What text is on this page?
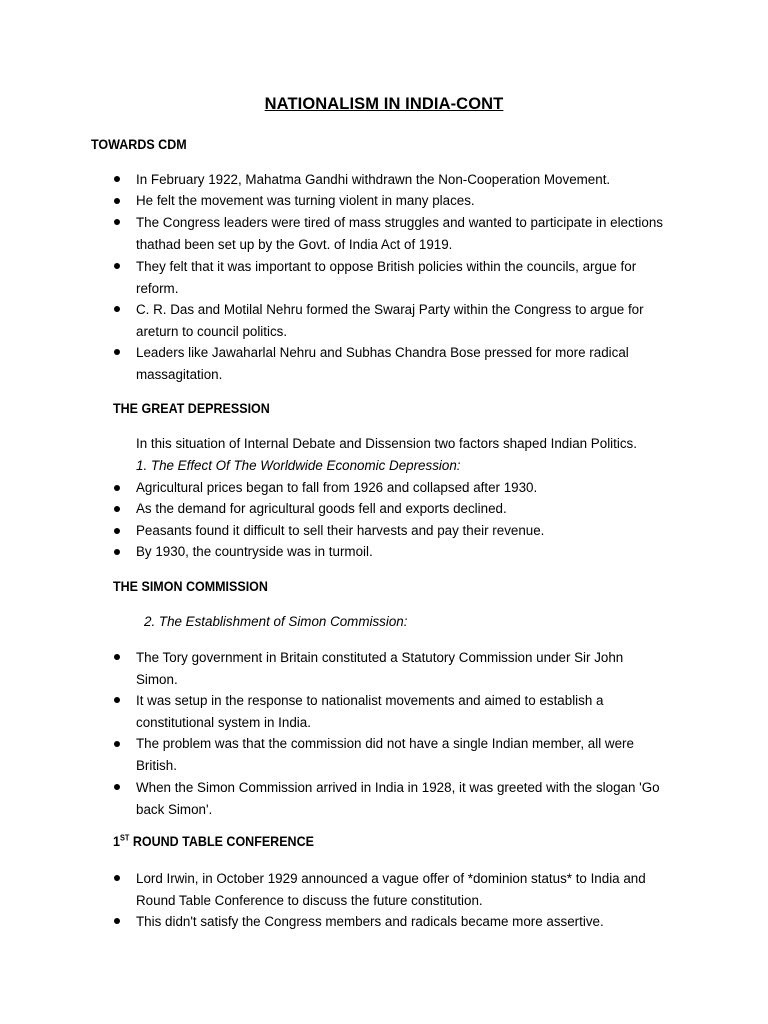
NATIONALISM IN INDIA-CONT
TOWARDS CDM
In February 1922, Mahatma Gandhi withdrawn the Non-Cooperation Movement.
He felt the movement was turning violent in many places.
The Congress leaders were tired of mass struggles and wanted to participate in elections thathad been set up by the Govt. of India Act of 1919.
They felt that it was important to oppose British policies within the councils, argue for reform.
C. R. Das and Motilal Nehru formed the Swaraj Party within the Congress to argue for areturn to council politics.
Leaders like Jawaharlal Nehru and Subhas Chandra Bose pressed for more radical massagitation.
THE GREAT DEPRESSION
In this situation of Internal Debate and Dissension two factors shaped Indian Politics.
1. The Effect Of The Worldwide Economic Depression:
Agricultural prices began to fall from 1926 and collapsed after 1930.
As the demand for agricultural goods fell and exports declined.
Peasants found it difficult to sell their harvests and pay their revenue.
By 1930, the countryside was in turmoil.
THE SIMON COMMISSION
2. The Establishment of Simon Commission:
The Tory government in Britain constituted a Statutory Commission under Sir John Simon.
It was setup in the response to nationalist movements and aimed to establish a constitutional system in India.
The problem was that the commission did not have a single Indian member, all were British.
When the Simon Commission arrived in India in 1928, it was greeted with the slogan 'Go back Simon'.
1ST ROUND TABLE CONFERENCE
Lord Irwin, in October 1929 announced a vague offer of *dominion status* to India and Round Table Conference to discuss the future constitution.
This didn't satisfy the Congress members and radicals became more assertive.
